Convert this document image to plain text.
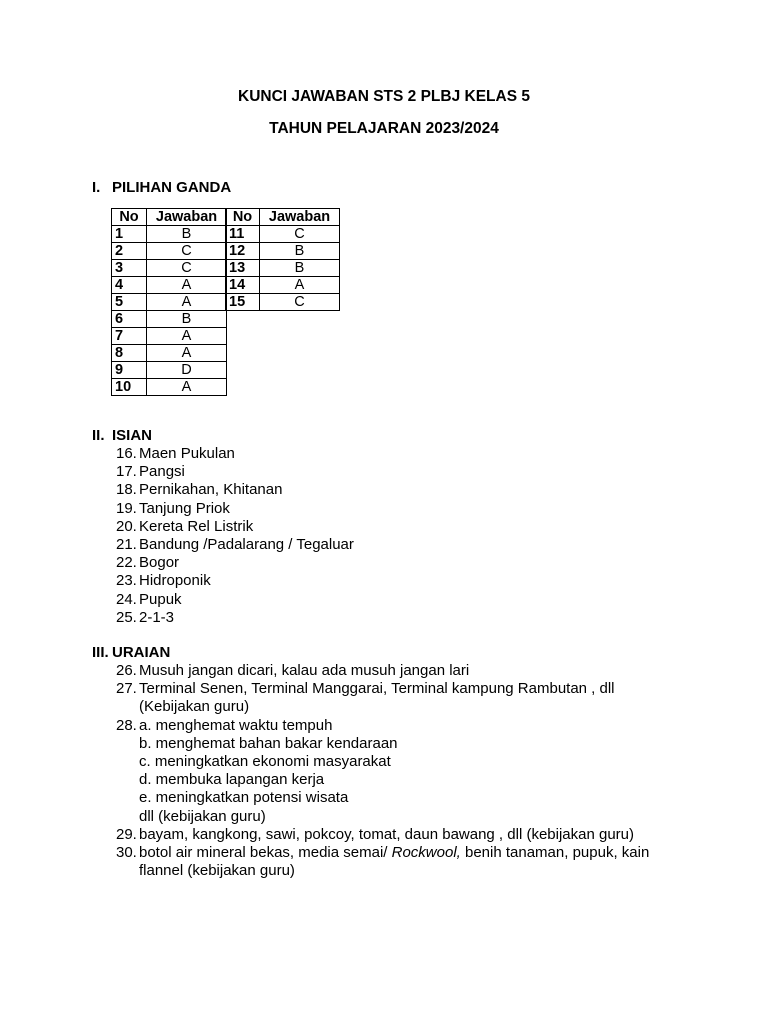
KUNCI JAWABAN STS 2 PLBJ KELAS 5
TAHUN PELAJARAN 2023/2024
I. PILIHAN GANDA
No	Jawaban
1	B
2	C
3	C
4	A
5	A
6	B
7	A
8	A
9	D
10	A
No	Jawaban
11	C
12	B
13	B
14	A
15	C
II. ISIAN
16. Maen Pukulan
17. Pangsi
18. Pernikahan, Khitanan
19. Tanjung Priok
20. Kereta Rel Listrik
21. Bandung /Padalarang / Tegaluar
22. Bogor
23. Hidroponik
24. Pupuk
25. 2-1-3
III. URAIAN
26. Musuh jangan dicari, kalau ada musuh jangan lari
27. Terminal Senen, Terminal Manggarai, Terminal kampung Rambutan , dll
(Kebijakan guru)
28. a. menghemat waktu tempuh
b. menghemat bahan bakar kendaraan
c. meningkatkan ekonomi masyarakat
d. membuka lapangan kerja
e. meningkatkan potensi wisata
dll (kebijakan guru)
29. bayam, kangkong, sawi, pokcoy, tomat, daun bawang , dll (kebijakan guru)
30. botol air mineral bekas, media semai/ Rockwool, benih tanaman, pupuk, kain
flannel (kebijakan guru)
